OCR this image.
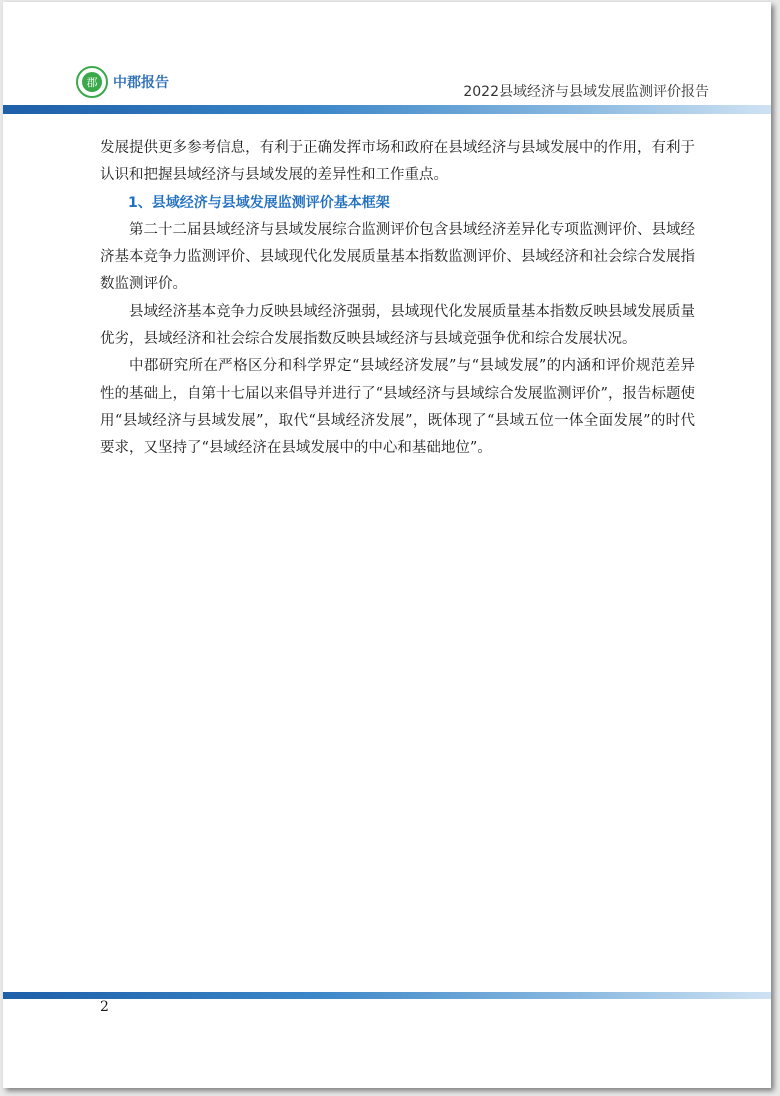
郡	中郡报告
2022县域经济与县域发展监测评价报告

发展提供更多参考信息，有利于正确发挥市场和政府在县域经济与县域发展中的作用，有利于认识和把握县域经济与县域发展的差异性和工作重点。

1、县域经济与县域发展监测评价基本框架

第二十二届县域经济与县域发展综合监测评价包含县域经济差异化专项监测评价、县域经济基本竞争力监测评价、县域现代化发展质量基本指数监测评价、县域经济和社会综合发展指数监测评价。

县域经济基本竞争力反映县域经济强弱，县域现代化发展质量基本指数反映县域发展质量优劣，县域经济和社会综合发展指数反映县域经济与县域竞强争优和综合发展状况。

中郡研究所在严格区分和科学界定“县域经济发展”与“县域发展”的内涵和评价规范差异性的基础上，自第十七届以来倡导并进行了“县域经济与县域综合发展监测评价”，报告标题使用“县域经济与县域发展”，取代“县域经济发展”，既体现了“县域五位一体全面发展”的时代要求，又坚持了“县域经济在县域发展中的中心和基础地位”。

2
